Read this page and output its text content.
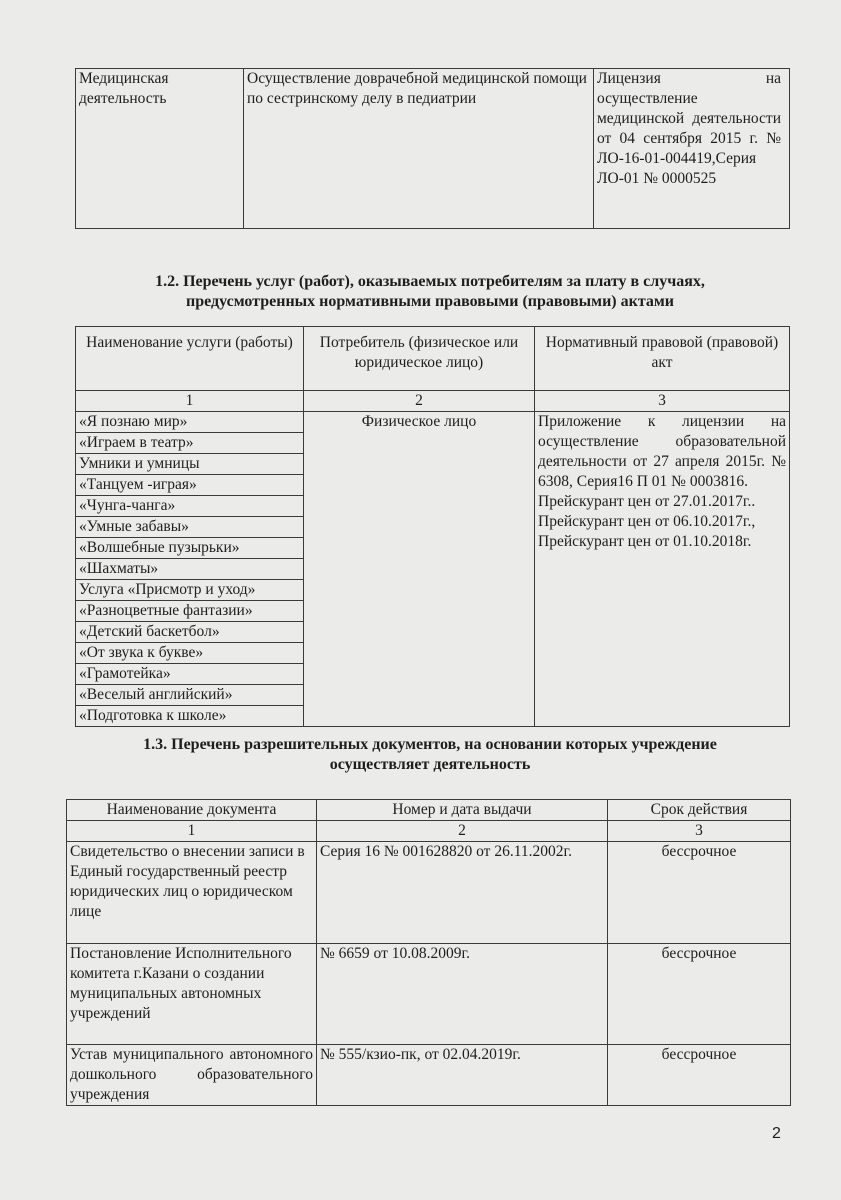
Медицинская деятельность	Осуществление доврачебной медицинской помощи по сестринскому делу в педиатрии	Лицензия на осуществление медицинской деятельности от 04 сентября 2015 г. № ЛО-16-01-004419,Серия ЛО-01 № 0000525
1.2. Перечень услуг (работ), оказываемых потребителям за плату в случаях,
предусмотренных нормативными правовыми (правовыми) актами
Наименование услуги (работы)	Потребитель (физическое или юридическое лицо)	Нормативный правовой (правовой) акт
1	2	3
«Я познаю мир»	Физическое лицо	Приложение к лицензии на осуществление образовательной деятельности от 27 апреля 2015г. № 6308, Серия16 П 01 № 0003816.
Прейскурант цен от 27.01.2017г..
Прейскурант цен от 06.10.2017г.,
Прейскурант цен от 01.10.2018г.

«Играем в театр»		
Умники и умницы		
«Танцуем -играя»		
«Чунга-чанга»		
«Умные забавы»		
«Волшебные пузырьки»		
«Шахматы»		
Услуга «Присмотр и уход»		
«Разноцветные фантазии»		
«Детский баскетбол»		
«От звука к букве»		
«Грамотейка»		
«Веселый английский»		
«Подготовка к школе»		
1.3. Перечень разрешительных документов, на основании которых учреждение
осуществляет деятельность
Наименование документа	Номер и дата выдачи	Срок действия
1	2	3
Свидетельство о внесении записи в Единый государственный реестр юридических лиц о юридическом лице	Серия 16 № 001628820 от 26.11.2002г.	бессрочное
Постановление Исполнительного комитета г.Казани о создании муниципальных автономных учреждений	№ 6659 от 10.08.2009г.	бессрочное
Устав муниципального автономного дошкольного образовательного учреждения	№ 555/кзио-пк, от 02.04.2019г.	бессрочное
2
